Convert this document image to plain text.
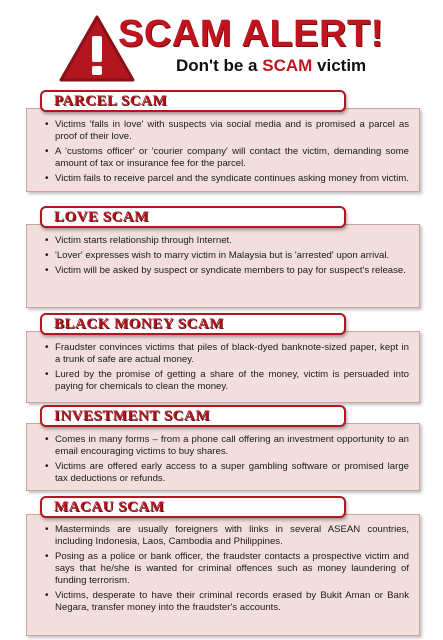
SCAM ALERT!
Don't be a SCAM victim
• Victims 'falls in love' with suspects via social media and is promised a parcel as proof of their love.
• A 'customs officer' or 'courier company' will contact the victim, demanding some amount of tax or insurance fee for the parcel.
• Victim fails to receive parcel and the syndicate continues asking money from victim.
PARCEL SCAM
• Victim starts relationship through Internet.
• 'Lover' expresses wish to marry victim in Malaysia but is 'arrested' upon arrival.
• Victim will be asked by suspect or syndicate members to pay for suspect's release.
LOVE SCAM
• Fraudster convinces victims that piles of black-dyed banknote-sized paper, kept in a trunk of safe are actual money.
• Lured by the promise of getting a share of the money, victim is persuaded into paying for chemicals to clean the money.
BLACK MONEY SCAM
• Comes in many forms – from a phone call offering an investment opportunity to an email encouraging victims to buy shares.
• Victims are offered early access to a super gambling software or promised large tax deductions or refunds.
INVESTMENT SCAM
• Masterminds are usually foreigners with links in several ASEAN countries, including Indonesia, Laos, Cambodia and Philippines.
• Posing as a police or bank officer, the fraudster contacts a prospective victim and says that he/she is wanted for criminal offences such as money laundering of funding terrorism.
• Victims, desperate to have their criminal records erased by Bukit Aman or Bank Negara, transfer money into the fraudster's accounts.
MACAU SCAM
